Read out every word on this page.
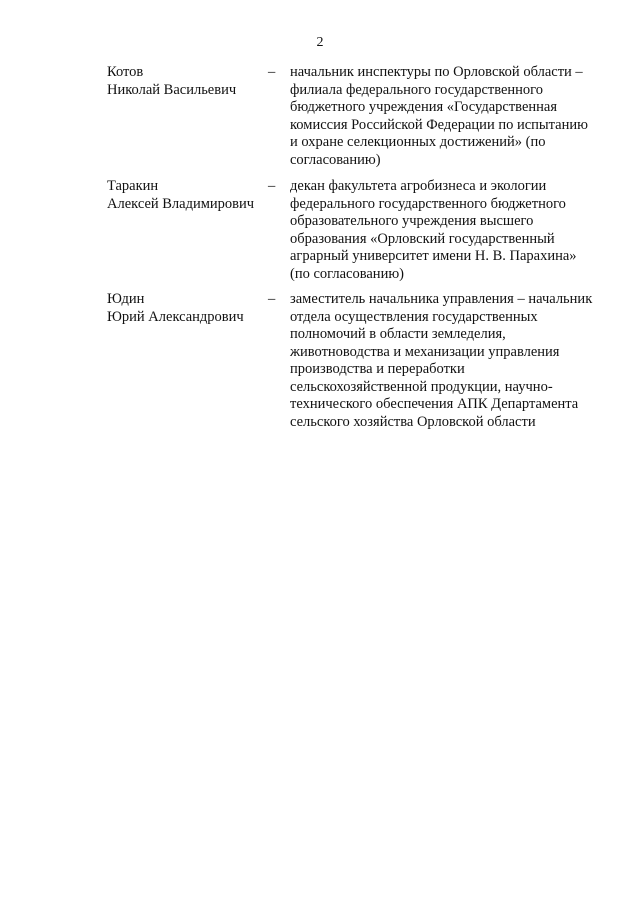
2
Котов
Николай Васильевич
– начальник инспектуры по Орловской области –
филиала федерального государственного
бюджетного учреждения «Государственная
комиссия Российской Федерации по испытанию
и охране селекционных достижений» (по
согласованию)
Таракин
Алексей Владимирович
– декан факультета агробизнеса и экологии
федерального государственного бюджетного
образовательного учреждения высшего
образования «Орловский государственный
аграрный университет имени Н. В. Парахина»
(по согласованию)
Юдин
Юрий Александрович
– заместитель начальника управления – начальник
отдела осуществления государственных
полномочий в области земледелия,
животноводства и механизации управления
производства и переработки
сельскохозяйственной продукции, научно-
технического обеспечения АПК Департамента
сельского хозяйства Орловской области
